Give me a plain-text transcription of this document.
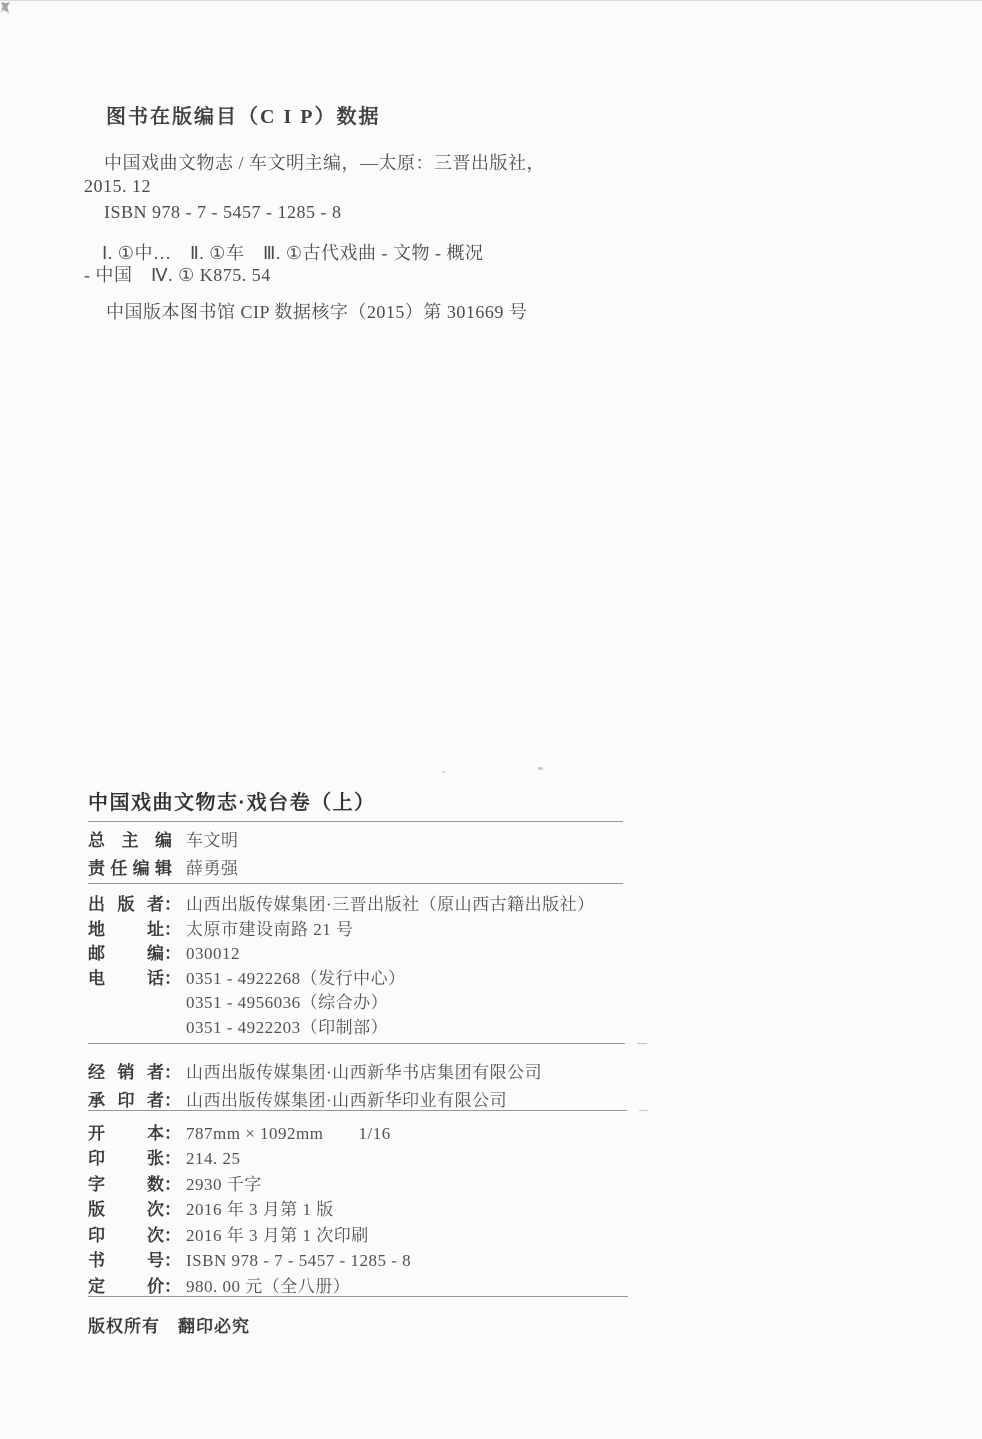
图书在版编目（C I P）数据
中国戏曲文物志 / 车文明主编，—太原：三晋出版社，
2015. 12
ISBN 978 - 7 - 5457 - 1285 - 8
Ⅰ. ①中…　Ⅱ. ①车　Ⅲ. ①古代戏曲 - 文物 - 概况
- 中国　Ⅳ. ① K875. 54
中国版本图书馆 CIP 数据核字（2015）第 301669 号
中国戏曲文物志·戏台卷（上）
总主编 车文明
责任编辑 薛勇强
出版者 ： 山西出版传媒集团·三晋出版社（原山西古籍出版社）
地址 ： 太原市建设南路 21 号
邮编 ： 030012
电话 ： 0351 - 4922268（发行中心）
0351 - 4956036（综合办）
0351 - 4922203（印制部）
经销者 ： 山西出版传媒集团·山西新华书店集团有限公司
承印者 ： 山西出版传媒集团·山西新华印业有限公司
开本 ： 787mm × 1092mm　　1/16
印张 ： 214. 25
字数 ： 2930 千字
版次 ： 2016 年 3 月第 1 版
印次 ： 2016 年 3 月第 1 次印刷
书号 ： ISBN 978 - 7 - 5457 - 1285 - 8
定价 ： 980. 00 元（全八册）
版权所有　翻印必究
